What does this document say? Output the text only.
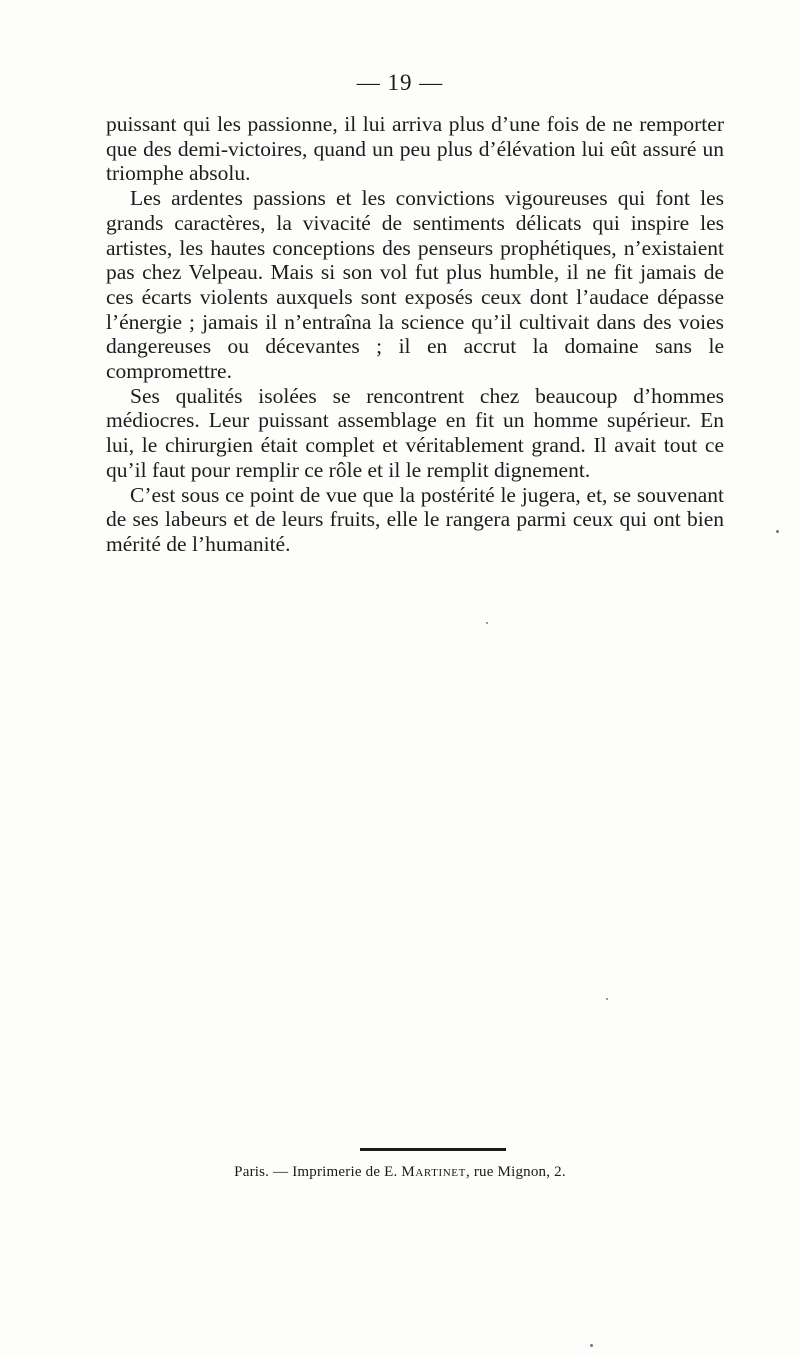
— 19 —

puissant qui les passionne, il lui arriva plus d’une fois de ne remporter que des demi-victoires, quand un peu plus d’élévation lui eût assuré un triomphe absolu.

Les ardentes passions et les convictions vigoureuses qui font les grands caractères, la vivacité de sentiments délicats qui inspire les artistes, les hautes conceptions des penseurs prophétiques, n’existaient pas chez Velpeau. Mais si son vol fut plus humble, il ne fit jamais de ces écarts violents auxquels sont exposés ceux dont l’audace dépasse l’énergie ; jamais il n’entraîna la science qu’il cultivait dans des voies dangereuses ou décevantes ; il en accrut la domaine sans le compromettre.

Ses qualités isolées se rencontrent chez beaucoup d’hommes médiocres. Leur puissant assemblage en fit un homme supérieur. En lui, le chirurgien était complet et véritablement grand. Il avait tout ce qu’il faut pour remplir ce rôle et il le remplit dignement.

C’est sous ce point de vue que la postérité le jugera, et, se souvenant de ses labeurs et de leurs fruits, elle le rangera parmi ceux qui ont bien mérité de l’humanité.

Paris. — Imprimerie de E. Martinet, rue Mignon, 2.
